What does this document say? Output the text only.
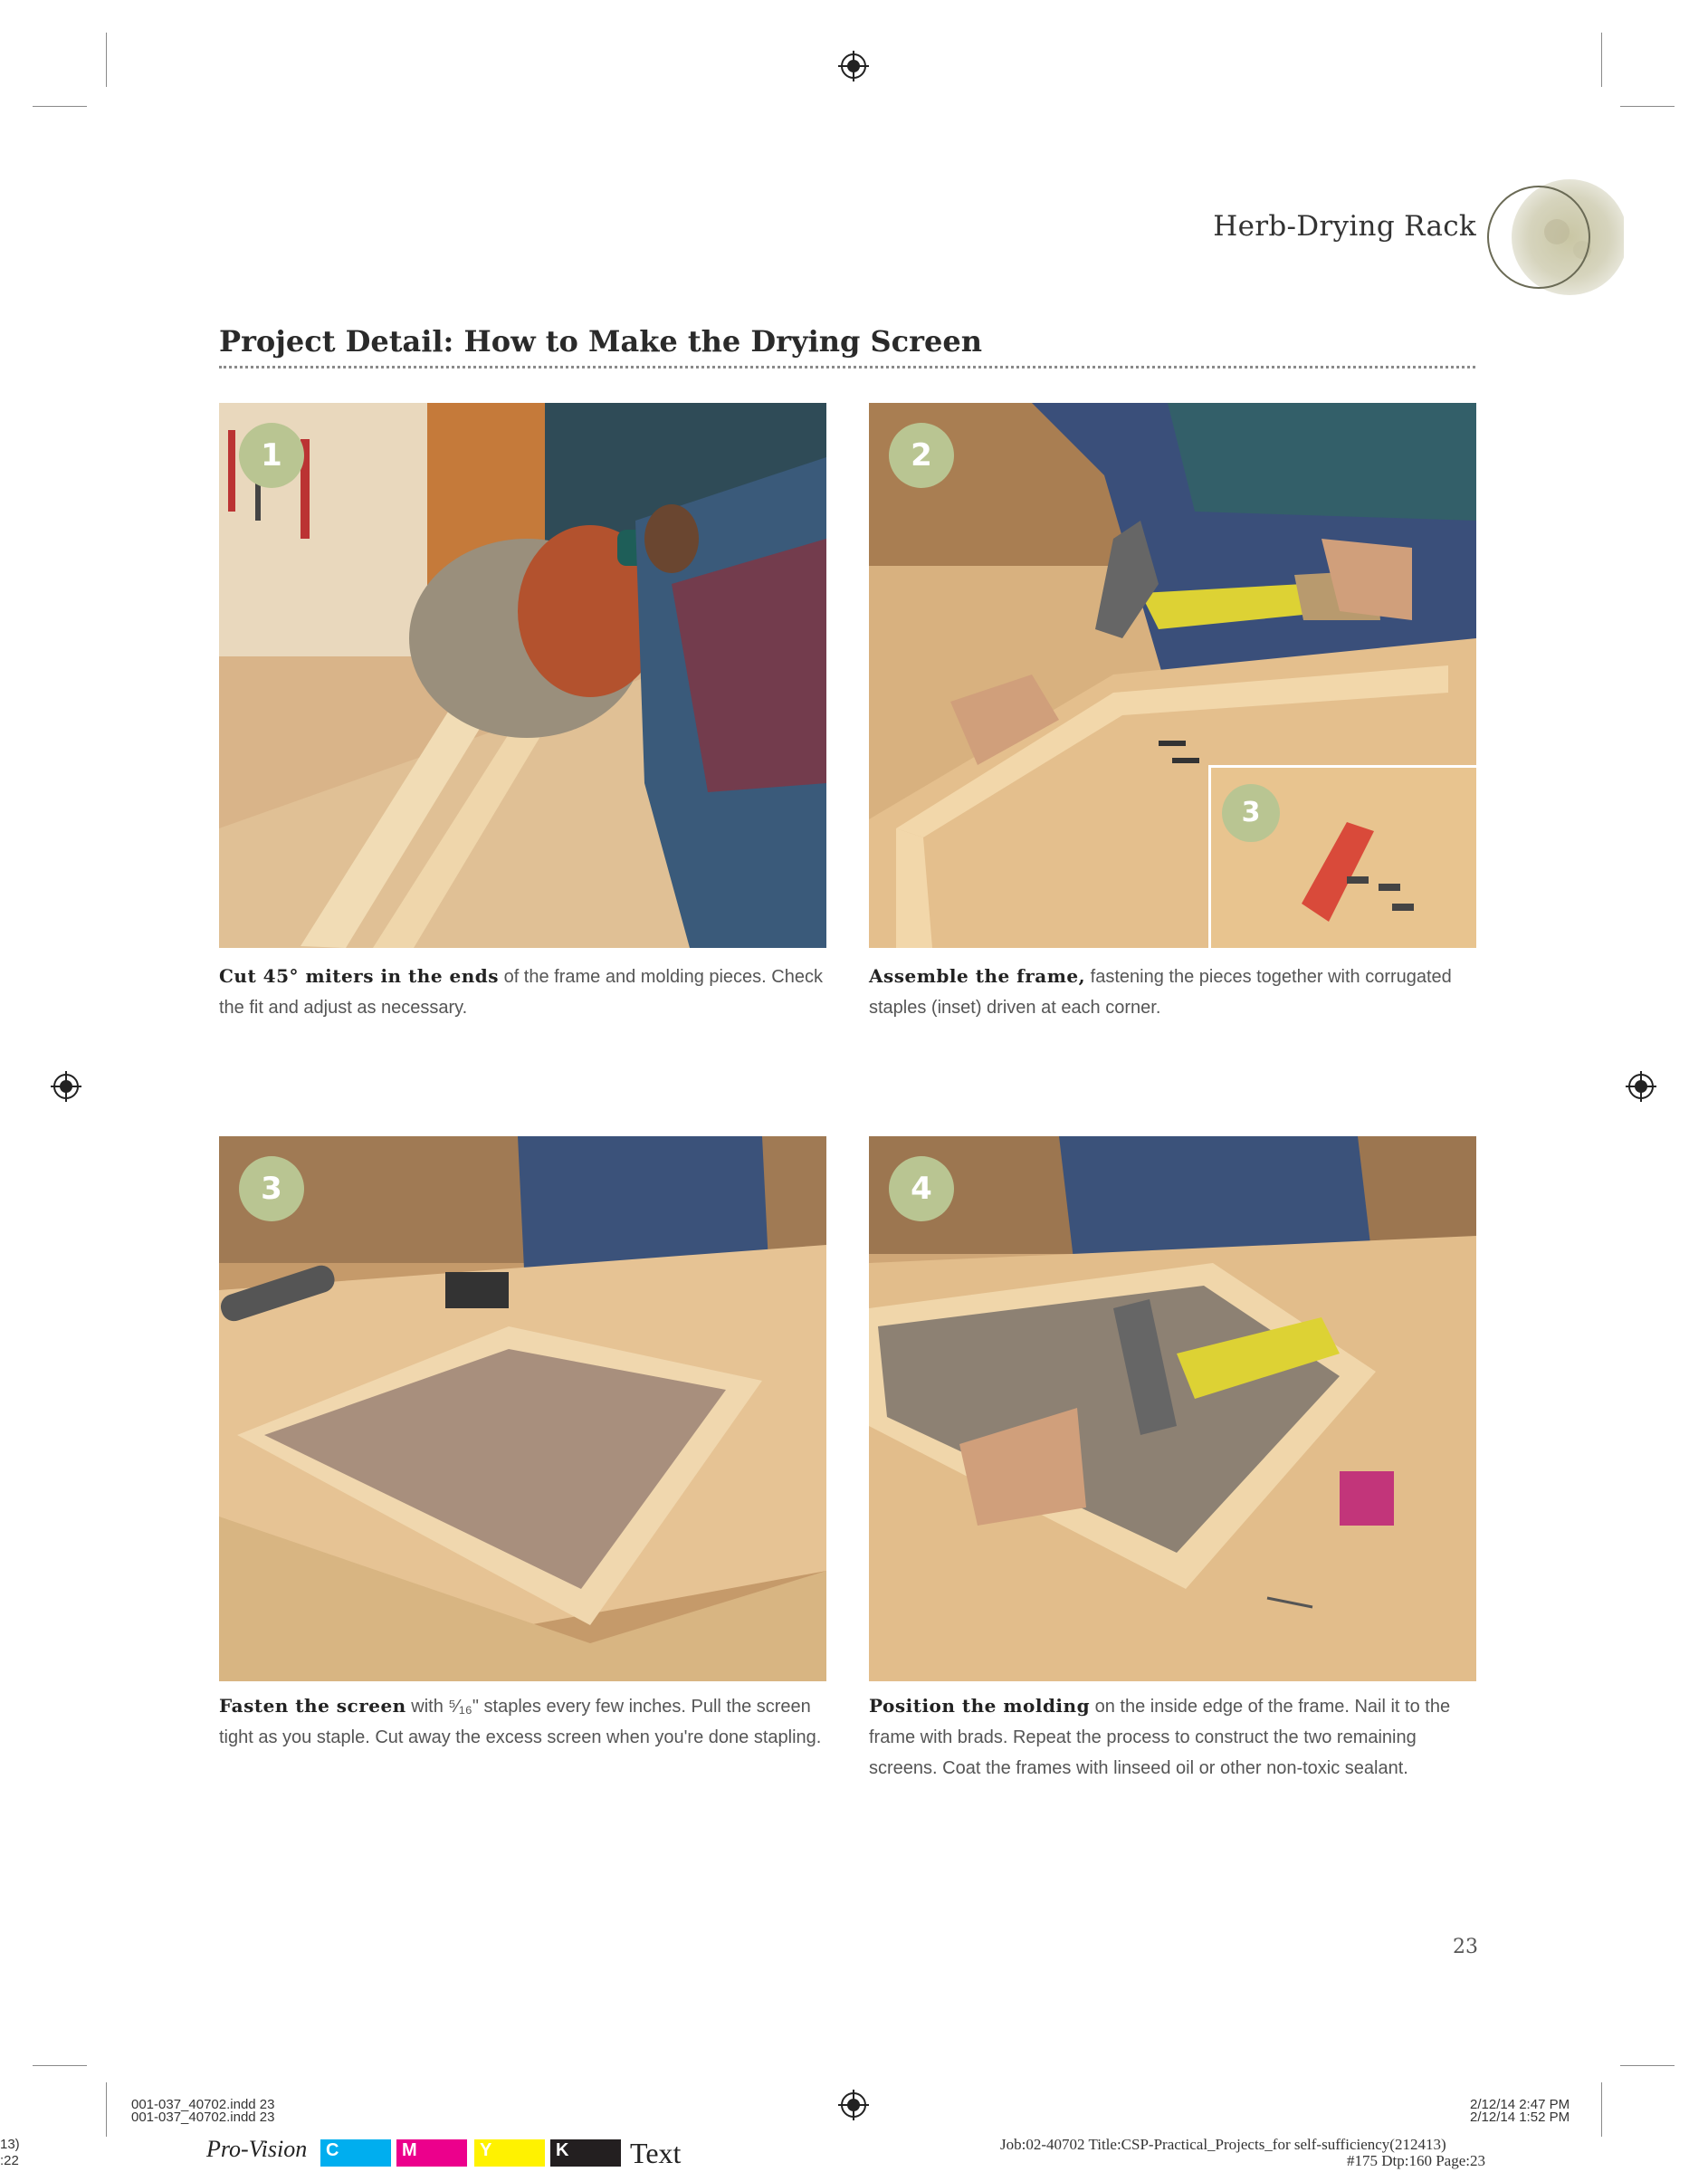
Herb-Drying Rack
Project Detail: How to Make the Drying Screen
1	2
3
Cut 45° miters in the ends of the frame and molding pieces. Check the fit and adjust as necessary.
Assemble the frame, fastening the pieces together with corrugated staples (inset) driven at each corner.
3	4
Fasten the screen with ⁵⁄₁₆" staples every few inches. Pull the screen tight as you staple. Cut away the excess screen when you're done stapling.
Position the molding on the inside edge of the frame. Nail it to the frame with brads. Repeat the process to construct the two remaining screens. Coat the frames with linseed oil or other non-toxic sealant.
23
001-037_40702.indd 23
001-037_40702.indd 23
2/12/14 2:47 PM
2/12/14 1:52 PM
Job:02-40702 Title:CSP-Practical_Projects_for self-sufficiency(212413)
#175 Dtp:160 Page:23
13)
:22	Pro-Vision	C	M	Y	K	Text
